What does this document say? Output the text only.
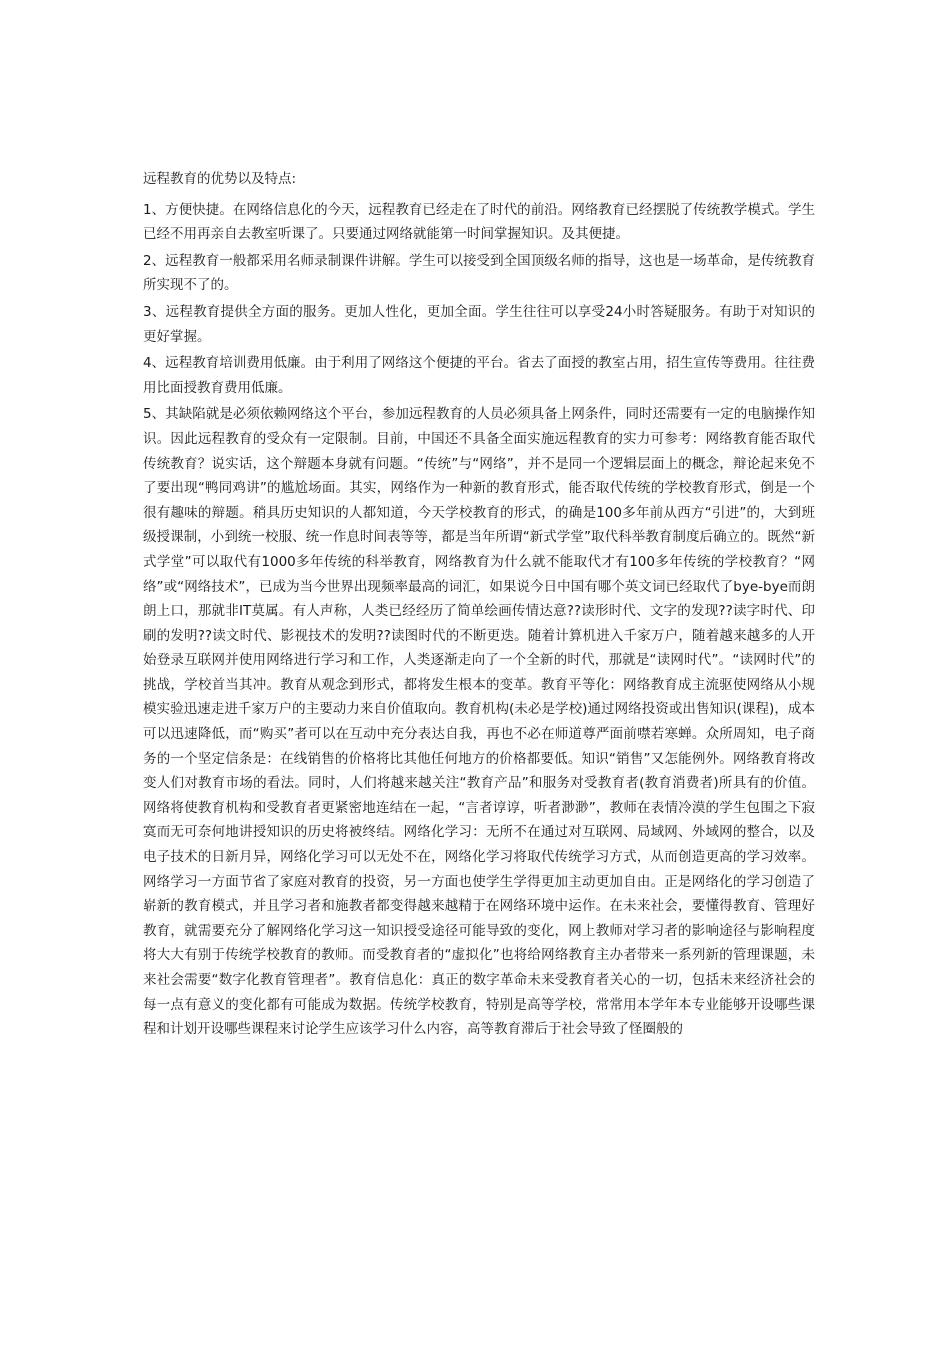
远程教育的优势以及特点:

1、方便快捷。在网络信息化的今天，远程教育已经走在了时代的前沿。网络教育已经摆脱了传统教学模式。学生已经不用再亲自去教室听课了。只要通过网络就能第一时间掌握知识。及其便捷。

2、远程教育一般都采用名师录制课件讲解。学生可以接受到全国顶级名师的指导，这也是一场革命，是传统教育所实现不了的。

3、远程教育提供全方面的服务。更加人性化，更加全面。学生往往可以享受24小时答疑服务。有助于对知识的更好掌握。

4、远程教育培训费用低廉。由于利用了网络这个便捷的平台。省去了面授的教室占用，招生宣传等费用。往往费用比面授教育费用低廉。

5、其缺陷就是必须依赖网络这个平台，参加远程教育的人员必须具备上网条件，同时还需要有一定的电脑操作知识。因此远程教育的受众有一定限制。目前，中国还不具备全面实施远程教育的实力可参考：网络教育能否取代传统教育？说实话，这个辩题本身就有问题。“传统”与“网络”，并不是同一个逻辑层面上的概念，辩论起来免不了要出现“鸭同鸡讲”的尴尬场面。其实，网络作为一种新的教育形式，能否取代传统的学校教育形式，倒是一个很有趣味的辩题。稍具历史知识的人都知道，今天学校教育的形式，的确是100多年前从西方“引进”的，大到班级授课制，小到统一校服、统一作息时间表等等，都是当年所谓“新式学堂”取代科举教育制度后确立的。既然“新式学堂”可以取代有1000多年传统的科举教育，网络教育为什么就不能取代才有100多年传统的学校教育？“网络”或“网络技术”，已成为当今世界出现频率最高的词汇，如果说今日中国有哪个英文词已经取代了bye-bye而朗朗上口，那就非IT莫属。有人声称，人类已经经历了简单绘画传情达意??读形时代、文字的发现??读字时代、印刷的发明??读文时代、影视技术的发明??读图时代的不断更迭。随着计算机进入千家万户，随着越来越多的人开始登录互联网并使用网络进行学习和工作，人类逐渐走向了一个全新的时代，那就是“读网时代”。“读网时代”的挑战，学校首当其冲。教育从观念到形式，都将发生根本的变革。教育平等化：网络教育成主流驱使网络从小规模实验迅速走进千家万户的主要动力来自价值取向。教育机构(未必是学校)通过网络投资或出售知识(课程)，成本可以迅速降低，而“购买”者可以在互动中充分表达自我，再也不必在师道尊严面前噤若寒蝉。众所周知，电子商务的一个坚定信条是：在线销售的价格将比其他任何地方的价格都要低。知识“销售”又怎能例外。网络教育将改变人们对教育市场的看法。同时，人们将越来越关注“教育产品”和服务对受教育者(教育消费者)所具有的价值。网络将使教育机构和受教育者更紧密地连结在一起，“言者谆谆，听者渺渺”，教师在表情冷漠的学生包围之下寂寞而无可奈何地讲授知识的历史将被终结。网络化学习：无所不在通过对互联网、局域网、外域网的整合，以及电子技术的日新月异，网络化学习可以无处不在，网络化学习将取代传统学习方式，从而创造更高的学习效率。网络学习一方面节省了家庭对教育的投资，另一方面也使学生学得更加主动更加自由。正是网络化的学习创造了崭新的教育模式，并且学习者和施教者都变得越来越精于在网络环境中运作。在未来社会，要懂得教育、管理好教育，就需要充分了解网络化学习这一知识授受途径可能导致的变化，网上教师对学习者的影响途径与影响程度将大大有别于传统学校教育的教师。而受教育者的“虚拟化”也将给网络教育主办者带来一系列新的管理课题，未来社会需要“数字化教育管理者”。教育信息化：真正的数字革命未来受教育者关心的一切，包括未来经济社会的每一点有意义的变化都有可能成为数据。传统学校教育，特别是高等学校，常常用本学年本专业能够开设哪些课程和计划开设哪些课程来讨论学生应该学习什么内容，高等教育滞后于社会导致了怪圈般的
